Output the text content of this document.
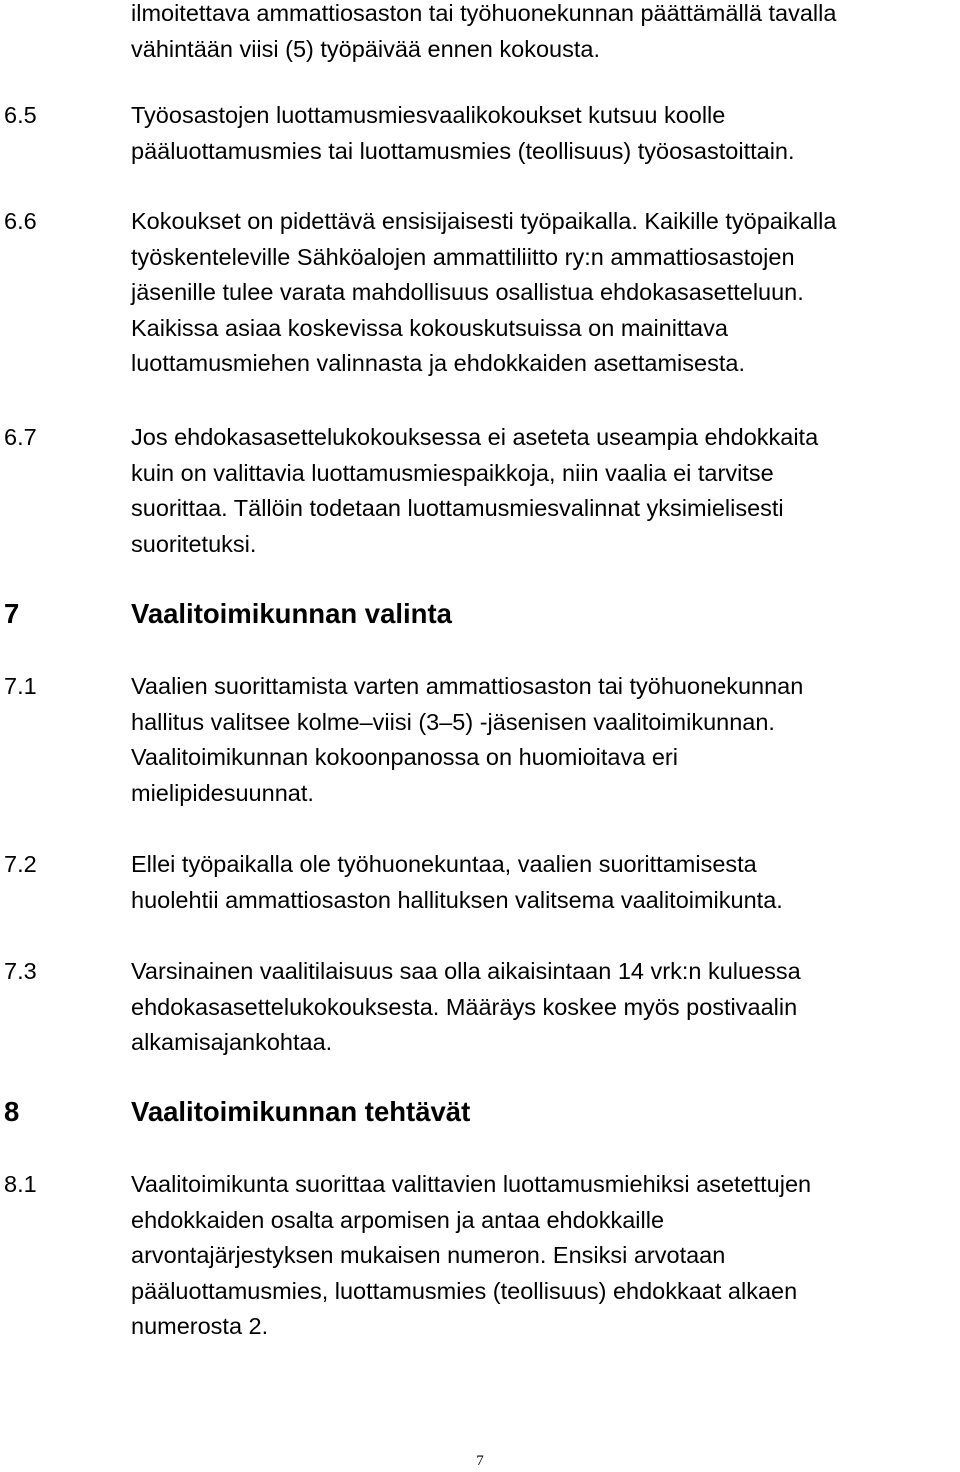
ilmoitettava ammattiosaston tai työhuonekunnan päättämällä tavalla
vähintään viisi (5) työpäivää ennen kokousta.
6.5	Työosastojen luottamusmiesvaalikokoukset kutsuu koolle
pääluottamusmies tai luottamusmies (teollisuus) työosastoittain.
6.6	Kokoukset on pidettävä ensisijaisesti työpaikalla. Kaikille työpaikalla
työskenteleville Sähköalojen ammattiliitto ry:n ammattiosastojen
jäsenille tulee varata mahdollisuus osallistua ehdokasasetteluun.
Kaikissa asiaa koskevissa kokouskutsuissa on mainittava
luottamusmiehen valinnasta ja ehdokkaiden asettamisesta.
6.7	Jos ehdokasasettelukokouksessa ei aseteta useampia ehdokkaita
kuin on valittavia luottamusmiespaikkoja, niin vaalia ei tarvitse
suorittaa. Tällöin todetaan luottamusmiesvalinnat yksimielisesti
suoritetuksi.
7	Vaalitoimikunnan valinta
7.1	Vaalien suorittamista varten ammattiosaston tai työhuonekunnan
hallitus valitsee kolme–viisi (3–5) -jäsenisen vaalitoimikunnan.
Vaalitoimikunnan kokoonpanossa on huomioitava eri
mielipidesuunnat.
7.2	Ellei työpaikalla ole työhuonekuntaa, vaalien suorittamisesta
huolehtii ammattiosaston hallituksen valitsema vaalitoimikunta.
7.3	Varsinainen vaalitilaisuus saa olla aikaisintaan 14 vrk:n kuluessa
ehdokasasettelukokouksesta. Määräys koskee myös postivaalin
alkamisajankohtaa.
8	Vaalitoimikunnan tehtävät
8.1	Vaalitoimikunta suorittaa valittavien luottamusmiehiksi asetettujen
ehdokkaiden osalta arpomisen ja antaa ehdokkaille
arvontajärjestyksen mukaisen numeron. Ensiksi arvotaan
pääluottamusmies, luottamusmies (teollisuus) ehdokkaat alkaen
numerosta 2.
7
